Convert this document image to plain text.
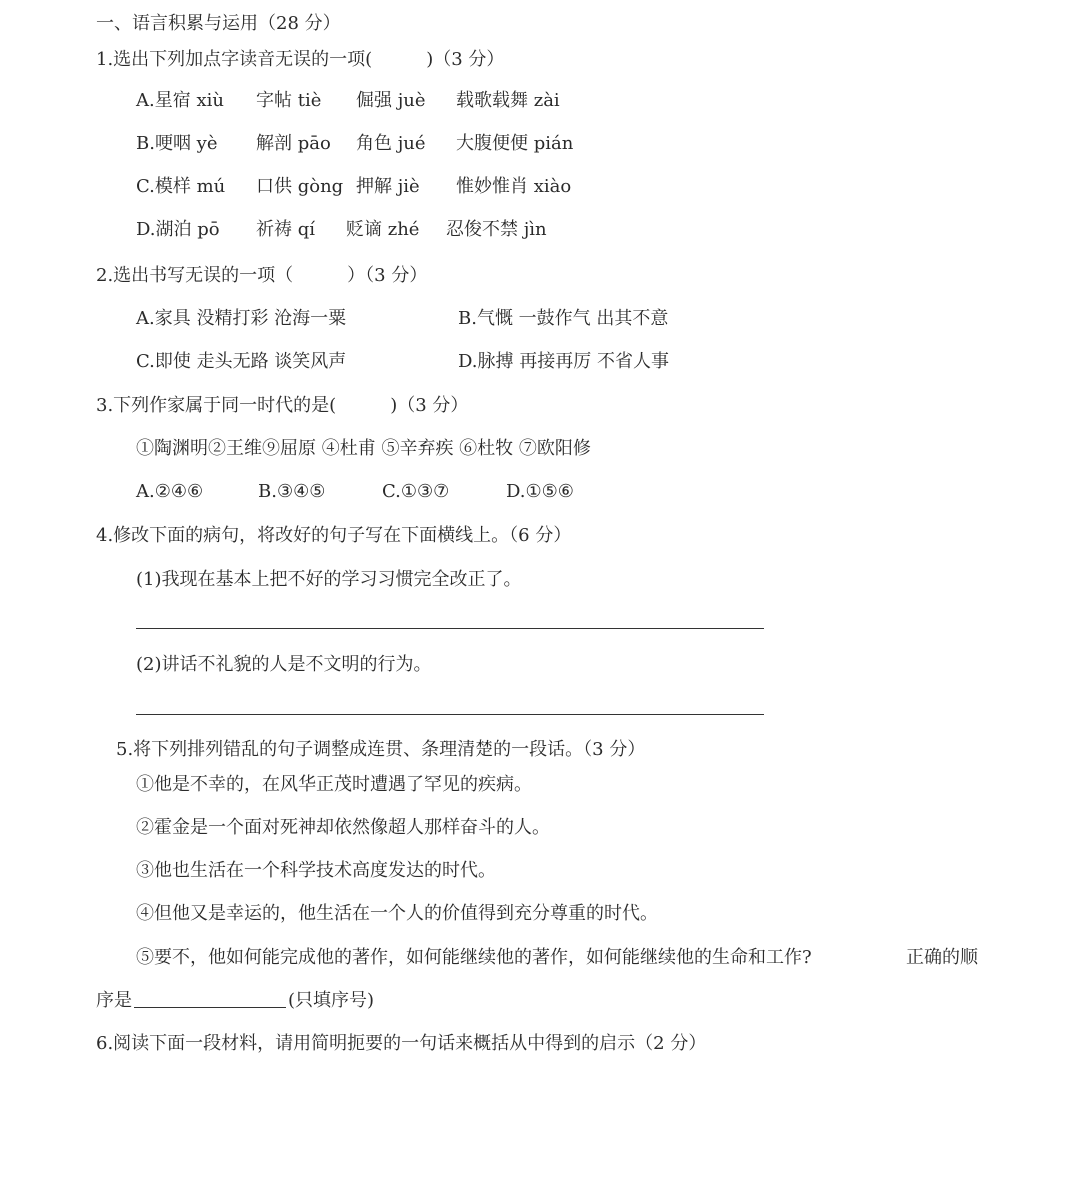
一、语言积累与运用（28 分）
1.选出下列加点字读音无误的一项(　　　)（3 分）
A.星宿 xiù 字帖 tiè 倔强 juè 载歌载舞 zài
B.哽咽 yè 解剖 pāo 角色 jué 大腹便便 pián
C.模样 mú 口供 gòng 押解 jiè 惟妙惟肖 xiào
D.湖泊 pō 祈祷 qí 贬谪 zhé 忍俊不禁 jìn
2.选出书写无误的一项（　　　）（3 分）
A.家具 没精打彩 沧海一粟	B.气慨 一鼓作气 出其不意
C.即使 走头无路 谈笑风声	D.脉搏 再接再厉 不省人事
3.下列作家属于同一时代的是(　　　)（3 分）
①陶渊明②王维⑨屈原 ④杜甫 ⑤辛弃疾 ⑥杜牧 ⑦欧阳修
A.②④⑥	B.③④⑤	C.①③⑦	D.①⑤⑥
4.修改下面的病句，将改好的句子写在下面横线上。（6 分）
(1)我现在基本上把不好的学习习惯完全改正了。
(2)讲话不礼貌的人是不文明的行为。
5.将下列排列错乱的句子调整成连贯、条理清楚的一段话。（3 分）
①他是不幸的，在风华正茂时遭遇了罕见的疾病。
②霍金是一个面对死神却依然像超人那样奋斗的人。
③他也生活在一个科学技术高度发达的时代。
④但他又是幸运的，他生活在一个人的价值得到充分尊重的时代。
⑤要不，他如何能完成他的著作，如何能继续他的著作，如何能继续他的生命和工作?	正确的顺
序是	(只填序号)
6.阅读下面一段材料，请用简明扼要的一句话来概括从中得到的启示（2 分）
